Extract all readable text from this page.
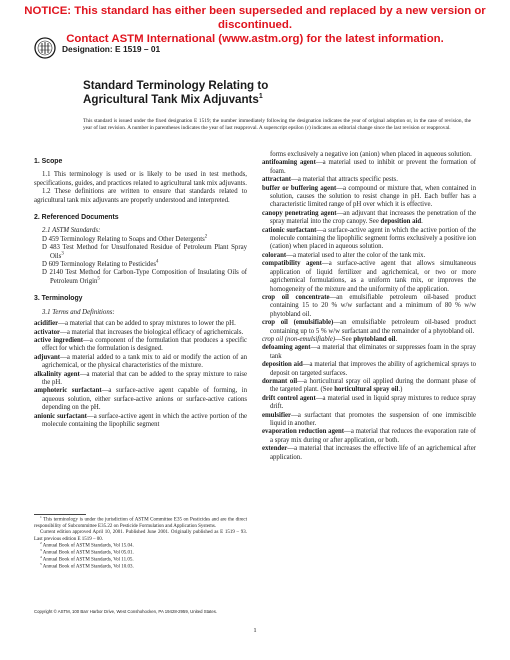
NOTICE: This standard has either been superseded and replaced by a new version or discontinued.
Contact ASTM International (www.astm.org) for the latest information.
Designation: E 1519 – 01
Standard Terminology Relating to
Agricultural Tank Mix Adjuvants$^1$
This standard is issued under the fixed designation E 1519; the number immediately following the designation indicates the year of original adoption or, in the case of revision, the year of last revision. A number in parentheses indicates the year of last reapproval. A superscript epsilon (ε) indicates an editorial change since the last revision or reapproval.
1. Scope
1.1 This terminology is used or is likely to be used in test methods, specifications, guides, and practices related to agricultural tank mix adjuvants.
1.2 These definitions are written to ensure that standards related to agricultural tank mix adjuvants are properly understood and interpreted.
2. Referenced Documents
2.1 ASTM Standards:
D 459 Terminology Relating to Soaps and Other Detergents$^2$
D 483 Test Method for Unsulfonated Residue of Petroleum Plant Spray Oils$^3$
D 609 Terminology Relating to Pesticides$^4$
D 2140 Test Method for Carbon-Type Composition of Insulating Oils of Petroleum Origin$^5$
3. Terminology
3.1 Terms and Definitions:
acidifier—a material that can be added to spray mixtures to lower the pH.
activator—a material that increases the biological efficacy of agrichemicals.
active ingredient—a component of the formulation that produces a specific effect for which the formulation is designed.
adjuvant—a material added to a tank mix to aid or modify the action of an agrichemical, or the physical characteristics of the mixture.
alkalinity agent—a material that can be added to the spray mixture to raise the pH.
amphoteric surfactant—a surface-active agent capable of forming, in aqueous solution, either surface-active anions or surface-active cations depending on the pH.
anionic surfactant—a surface-active agent in which the active portion of the molecule containing the lipophilic segment
forms exclusively a negative ion (anion) when placed in aqueous solution.
antifoaming agent—a material used to inhibit or prevent the formation of foam.
attractant—a material that attracts specific pests.
buffer or buffering agent—a compound or mixture that, when contained in solution, causes the solution to resist change in pH. Each buffer has a characteristic limited range of pH over which it is effective.
canopy penetrating agent—an adjuvant that increases the penetration of the spray material into the crop canopy. See deposition aid.
cationic surfactant—a surface-active agent in which the active portion of the molecule containing the lipophilic segment forms exclusively a positive ion (cation) when placed in aqueous solution.
colorant—a material used to alter the color of the tank mix.
compatibility agent—a surface-active agent that allows simultaneous application of liquid fertilizer and agrichemical, or two or more agrichemical formulations, as a uniform tank mix, or improves the homogeneity of the mixture and the uniformity of the application.
crop oil concentrate—an emulsifiable petroleum oil-based product containing 15 to 20 % w/w surfactant and a minimum of 80 % w/w phytobland oil.
crop oil (emulsifiable)—an emulsifiable petroleum oil-based product containing up to 5 % w/w surfactant and the remainder of a phytobland oil.
crop oil (non-emulsifiable)—See phytobland oil.
defoaming agent—a material that eliminates or suppresses foam in the spray tank
deposition aid—a material that improves the ability of agrichemical sprays to deposit on targeted surfaces.
dormant oil—a horticultural spray oil applied during the dormant phase of the targeted plant. (See horticultural spray oil.)
drift control agent—a material used in liquid spray mixtures to reduce spray drift.
emulsifier—a surfactant that promotes the suspension of one immiscible liquid in another.
evaporation reduction agent—a material that reduces the evaporation rate of a spray mix during or after application, or both.
extender—a material that increases the effective life of an agrichemical after application.
$^1$ This terminology is under the jurisdiction of ASTM Committee E35 on Pesticides and are the direct responsibility of Subcommittee E35.22 on Pesticide Formulation and Application Systems.
Current edition approved April 10, 2001. Published June 2001. Originally published as E 1519 – 93. Last previous edition E 1519 – 00.
$^2$ Annual Book of ASTM Standards, Vol 15.04.
$^3$ Annual Book of ASTM Standards, Vol 05.01.
$^4$ Annual Book of ASTM Standards, Vol 11.05.
$^5$ Annual Book of ASTM Standards, Vol 10.03.
Copyright © ASTM, 100 Barr Harbor Drive, West Conshohocken, PA 19428-2959, United States.
1
